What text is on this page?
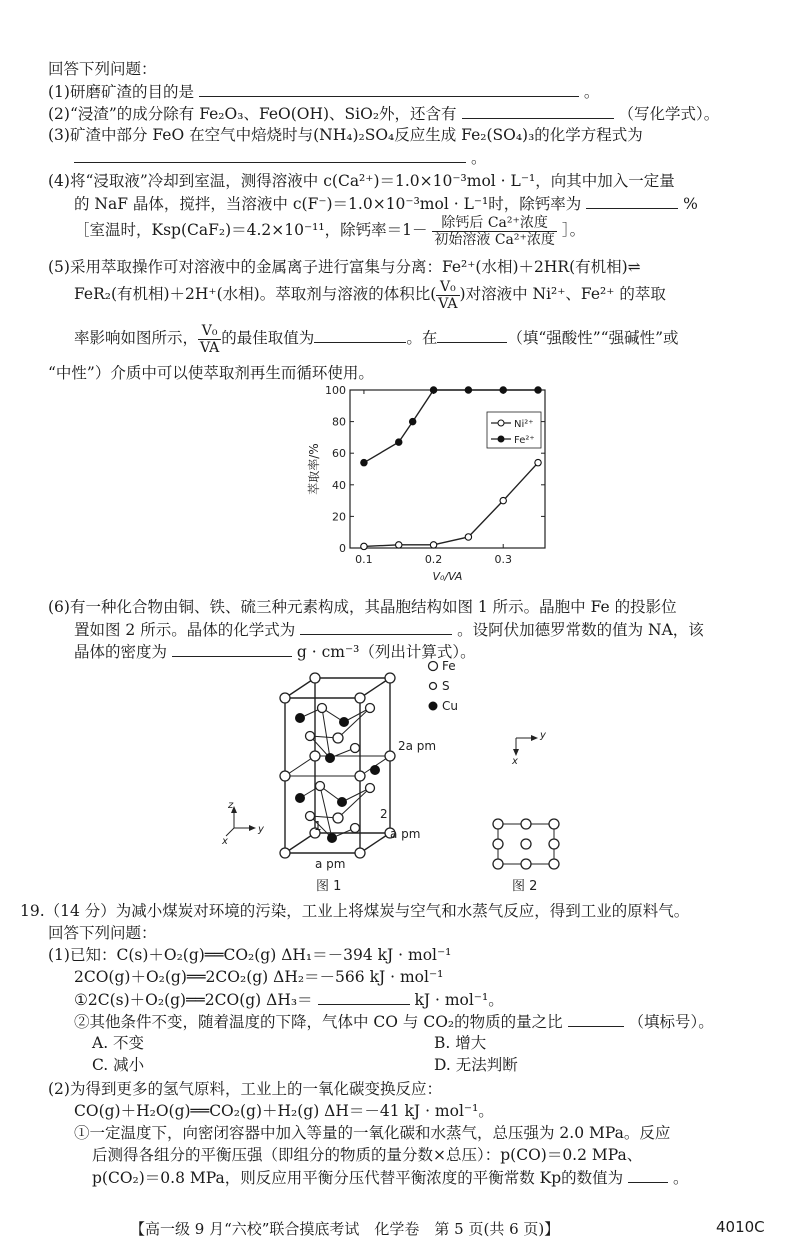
回答下列问题：
(1)研磨矿渣的目的是	。
(2)“浸渣”的成分除有 Fe₂O₃、FeO(OH)、SiO₂外，还含有	（写化学式）。
(3)矿渣中部分 FeO 在空气中焙烧时与(NH₄)₂SO₄反应生成 Fe₂(SO₄)₃的化学方程式为
。
(4)将“浸取液”冷却到室温，测得溶液中 c(Ca²⁺)＝1.0×10⁻³mol · L⁻¹，向其中加入一定量
的 NaF 晶体，搅拌，当溶液中 c(F⁻)＝1.0×10⁻³mol · L⁻¹时，除钙率为	%
［室温时，Ksp(CaF₂)＝4.2×10⁻¹¹，除钙率$=1- \frac{\text{除钙后 Ca²⁺浓度}}{\text{初始溶液 Ca²⁺浓度}}$ ］。
(5)采用萃取操作可对溶液中的金属离子进行富集与分离：Fe²⁺(水相)＋2HR(有机相)⇌
FeR₂(有机相)＋2H⁺(水相)。萃取剂与溶液的体积比( $\frac{\text{V₀}}{VA}$ )对溶液中 Ni²⁺、Fe²⁺ 的萃取
率影响如图所示， $\frac{\text{V₀}}{VA}$ 的最佳取值为	。在	（填“强酸性”“强碱性”或
“中性”）介质中可以使萃取剂再生而循环使用。
0
20
40
60
80
100
0.1	0.2	0.3
萃取率/%
V₀/VA
Ni²⁺
Fe²⁺
(6)有一种化合物由铜、铁、硫三种元素构成，其晶胞结构如图 1 所示。晶胞中 Fe 的投影位
置如图 2 所示。晶体的化学式为	。设阿伏加德罗常数的值为 NA，该
晶体的密度为	g · cm⁻³（列出计算式）。
Fe
S
Cu
2a pm
a pm
a pm
1
2
z
y
x
y
x
图 1	图 2
19.（14 分）为减小煤炭对环境的污染，工业上将煤炭与空气和水蒸气反应，得到工业的原料气。
回答下列问题：
(1)已知：C(s)＋O₂(g)══CO₂(g) ΔH₁＝－394 kJ · mol⁻¹
2CO(g)＋O₂(g)══2CO₂(g) ΔH₂＝－566 kJ · mol⁻¹
①2C(s)＋O₂(g)══2CO(g) ΔH₃＝	kJ · mol⁻¹。
②其他条件不变，随着温度的下降，气体中 CO 与 CO₂的物质的量之比	（填标号）。
A. 不变	B. 增大
C. 减小	D. 无法判断
(2)为得到更多的氢气原料，工业上的一氧化碳变换反应：
CO(g)＋H₂O(g)══CO₂(g)＋H₂(g) ΔH＝－41 kJ · mol⁻¹。
①一定温度下，向密闭容器中加入等量的一氧化碳和水蒸气，总压强为 2.0 MPa。反应
后测得各组分的平衡压强（即组分的物质的量分数×总压）：p(CO)＝0.2 MPa、
p(CO₂)＝0.8 MPa，则反应用平衡分压代替平衡浓度的平衡常数 Kp的数值为	。
【高一级 9 月“六校”联合摸底考试　化学卷　第 5 页(共 6 页)】	4010C
